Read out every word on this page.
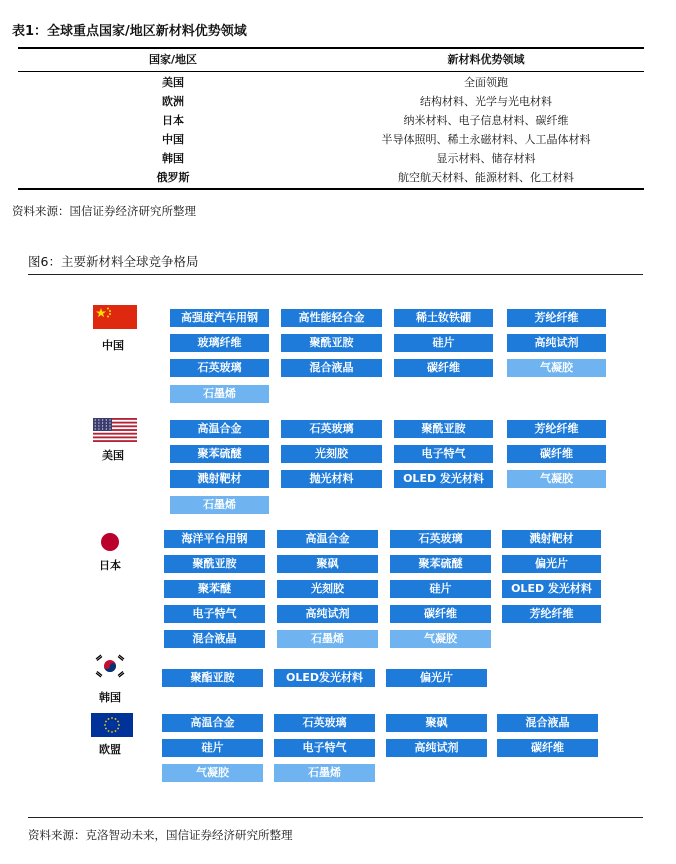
表1：全球重点国家/地区新材料优势领域
国家/地区	新材料优势领域
美国	全面领跑
欧洲	结构材料、光学与光电材料
日本	纳米材料、电子信息材料、碳纤维
中国	半导体照明、稀土永磁材料、人工晶体材料
韩国	显示材料、储存材料
俄罗斯	航空航天材料、能源材料、化工材料
资料来源：国信证券经济研究所整理
图6：主要新材料全球竞争格局
中国
高强度汽车用钢	高性能轻合金	稀土钕铁硼	芳纶纤维
玻璃纤维	聚酰亚胺	硅片	高纯试剂
石英玻璃	混合液晶	碳纤维	气凝胶
石墨烯
美国
高温合金	石英玻璃	聚酰亚胺	芳纶纤维
聚苯硫醚	光刻胶	电子特气	碳纤维
溅射靶材	抛光材料	OLED 发光材料	气凝胶
石墨烯
日本
海洋平台用钢	高温合金	石英玻璃	溅射靶材
聚酰亚胺	聚砜	聚苯硫醚	偏光片
聚苯醚	光刻胶	硅片	OLED 发光材料
电子特气	高纯试剂	碳纤维	芳纶纤维
混合液晶	石墨烯	气凝胶
韩国
聚酯亚胺	OLED发光材料	偏光片
欧盟
高温合金	石英玻璃	聚砜	混合液晶
硅片	电子特气	高纯试剂	碳纤维
气凝胶	石墨烯
资料来源：克洛智动未来，国信证券经济研究所整理
